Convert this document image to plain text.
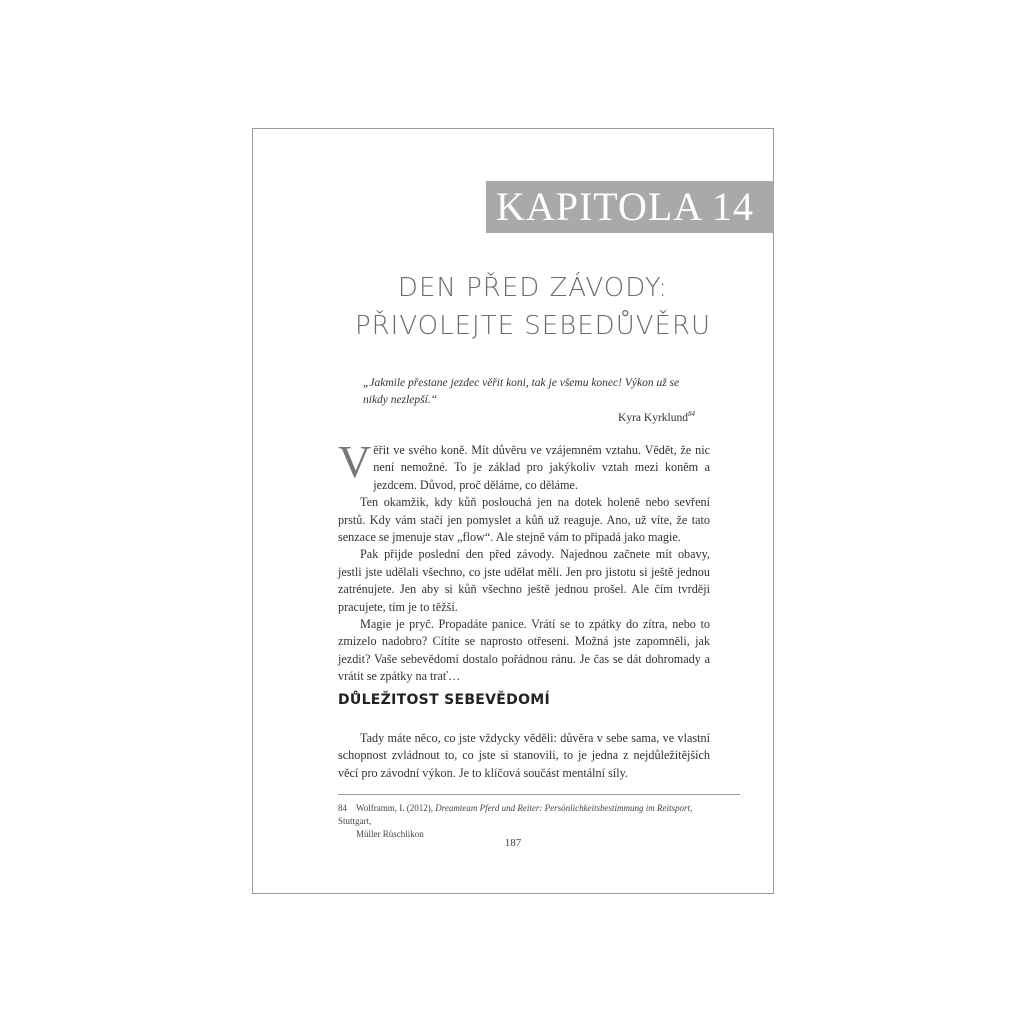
KAPITOLA 14
DEN PŘED ZÁVODY:
PŘIVOLEJTE SEBEDŮVĚRU
„Jakmile přestane jezdec věřit koni, tak je všemu konec! Výkon už se nikdy nezlepší.“
Kyra Kyrklund$^{84}$

Věřit ve svého koně. Mít důvěru ve vzájemném vztahu. Vědět, že nic není nemožné. To je základ pro jakýkoliv vztah mezi koněm a jezdcem. Důvod, proč děláme, co děláme.

Ten okamžik, kdy kůň poslouchá jen na dotek holeně nebo sevření prstů. Kdy vám stačí jen pomyslet a kůň už reaguje. Ano, už víte, že tato senzace se jmenuje stav „flow“. Ale stejně vám to připadá jako magie.

Pak přijde poslední den před závody. Najednou začnete mít obavy, jestli jste udělali všechno, co jste udělat měli. Jen pro jistotu si ještě jednou zatrénujete. Jen aby si kůň všechno ještě jednou prošel. Ale čím tvrději pracujete, tím je to těžší.

Magie je pryč. Propadáte panice. Vrátí se to zpátky do zítra, nebo to zmizelo nadobro? Cítíte se naprosto otřeseni. Možná jste zapomněli, jak jezdit? Vaše sebevědomí dostalo pořádnou ránu. Je čas se dát dohromady a vrátit se zpátky na trať…

DŮLEŽITOST SEBEVĚDOMÍ

Tady máte něco, co jste vždycky věděli: důvěra v sebe sama, ve vlastní schopnost zvládnout to, co jste si stanovili, to je jedna z nejdůležitějších věcí pro závodní výkon. Je to klíčová součást mentální síly.

84 Wolframm, I. (2012), Dreamteam Pferd und Reiter: Persönlichkeitsbestimmung im Reitsport, Stuttgart,
Müller Rüschlikon
187
